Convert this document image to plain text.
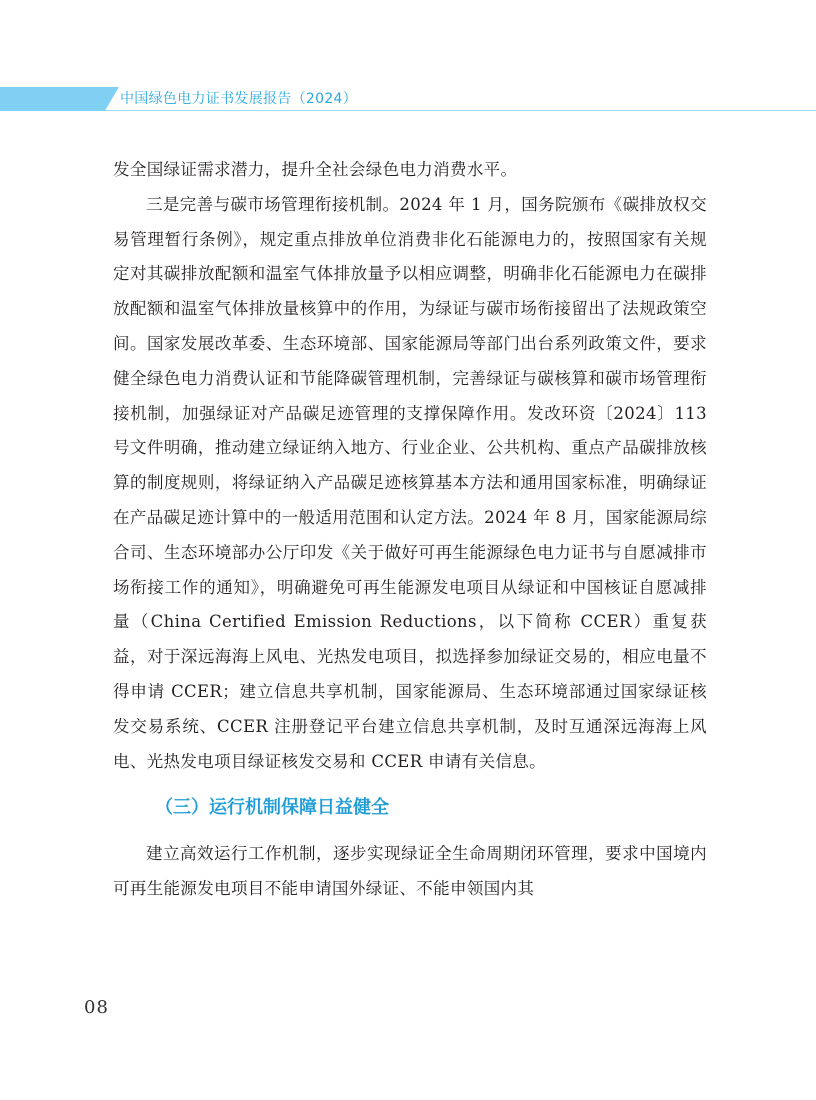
中国绿色电力证书发展报告（2024）

发全国绿证需求潜力，提升全社会绿色电力消费水平。

三是完善与碳市场管理衔接机制。2024 年 1 月，国务院颁布《碳排放权交易管理暂行条例》，规定重点排放单位消费非化石能源电力的，按照国家有关规定对其碳排放配额和温室气体排放量予以相应调整，明确非化石能源电力在碳排放配额和温室气体排放量核算中的作用，为绿证与碳市场衔接留出了法规政策空间。国家发展改革委、生态环境部、国家能源局等部门出台系列政策文件，要求健全绿色电力消费认证和节能降碳管理机制，完善绿证与碳核算和碳市场管理衔接机制，加强绿证对产品碳足迹管理的支撑保障作用。发改环资〔2024〕113 号文件明确，推动建立绿证纳入地方、行业企业、公共机构、重点产品碳排放核算的制度规则，将绿证纳入产品碳足迹核算基本方法和通用国家标准，明确绿证在产品碳足迹计算中的一般适用范围和认定方法。2024 年 8 月，国家能源局综合司、生态环境部办公厅印发《关于做好可再生能源绿色电力证书与自愿减排市场衔接工作的通知》，明确避免可再生能源发电项目从绿证和中国核证自愿减排量（China Certified Emission Reductions，以下简称 CCER）重复获益，对于深远海海上风电、光热发电项目，拟选择参加绿证交易的，相应电量不得申请 CCER；建立信息共享机制，国家能源局、生态环境部通过国家绿证核发交易系统、CCER 注册登记平台建立信息共享机制，及时互通深远海海上风电、光热发电项目绿证核发交易和 CCER 申请有关信息。

（三）运行机制保障日益健全

建立高效运行工作机制，逐步实现绿证全生命周期闭环管理，要求中国境内可再生能源发电项目不能申请国外绿证、不能申领国内其

08
